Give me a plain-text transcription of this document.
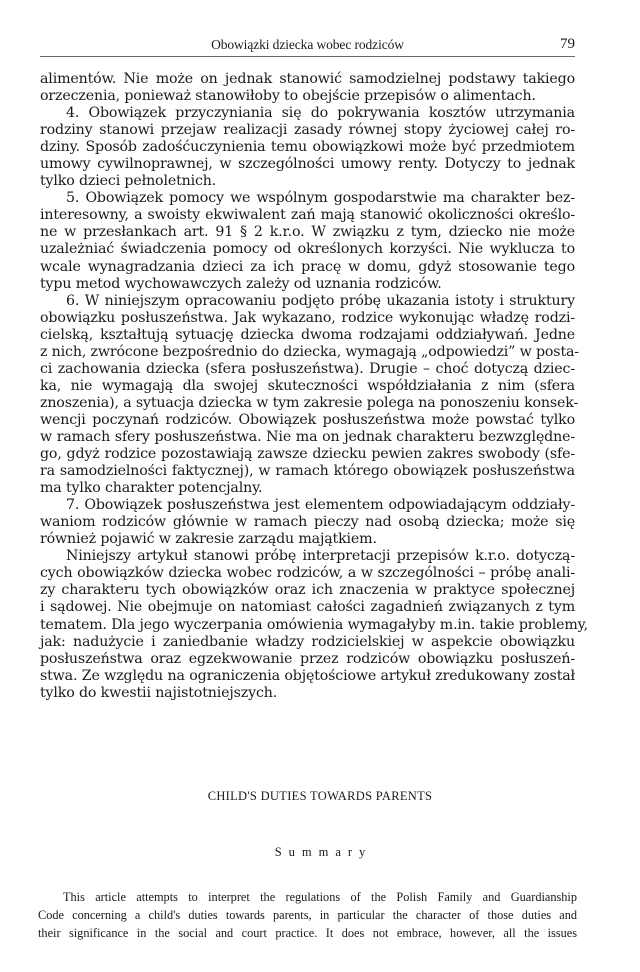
Obowiązki dziecka wobec rodziców	79

alimentów. Nie może on jednak stanowić samodzielnej podstawy takiego
orzeczenia, ponieważ stanowiłoby to obejście przepisów o alimentach.

4. Obowiązek przyczyniania się do pokrywania kosztów utrzymania
rodziny stanowi przejaw realizacji zasady równej stopy życiowej całej ro-
dziny. Sposób zadośćuczynienia temu obowiązkowi może być przedmiotem
umowy cywilnoprawnej, w szczególności umowy renty. Dotyczy to jednak
tylko dzieci pełnoletnich.

5. Obowiązek pomocy we wspólnym gospodarstwie ma charakter bez-
interesowny, a swoisty ekwiwalent zań mają stanowić okoliczności określo-
ne w przesłankach art. 91 § 2 k.r.o. W związku z tym, dziecko nie może
uzależniać świadczenia pomocy od określonych korzyści. Nie wyklucza to
wcale wynagradzania dzieci za ich pracę w domu, gdyż stosowanie tego
typu metod wychowawczych zależy od uznania rodziców.

6. W niniejszym opracowaniu podjęto próbę ukazania istoty i struktury
obowiązku posłuszeństwa. Jak wykazano, rodzice wykonując władzę rodzi-
cielską, kształtują sytuację dziecka dwoma rodzajami oddziaływań. Jedne
z nich, zwrócone bezpośrednio do dziecka, wymagają „odpowiedzi” w posta-
ci zachowania dziecka (sfera posłuszeństwa). Drugie – choć dotyczą dziec-
ka, nie wymagają dla swojej skuteczności współdziałania z nim (sfera
znoszenia), a sytuacja dziecka w tym zakresie polega na ponoszeniu konsek-
wencji poczynań rodziców. Obowiązek posłuszeństwa może powstać tylko
w ramach sfery posłuszeństwa. Nie ma on jednak charakteru bezwzględne-
go, gdyż rodzice pozostawiają zawsze dziecku pewien zakres swobody (sfe-
ra samodzielności faktycznej), w ramach którego obowiązek posłuszeństwa
ma tylko charakter potencjalny.

7. Obowiązek posłuszeństwa jest elementem odpowiadającym oddziały-
waniom rodziców głównie w ramach pieczy nad osobą dziecka; może się
również pojawić w zakresie zarządu majątkiem.

Niniejszy artykuł stanowi próbę interpretacji przepisów k.r.o. dotyczą-
cych obowiązków dziecka wobec rodziców, a w szczególności – próbę anali-
zy charakteru tych obowiązków oraz ich znaczenia w praktyce społecznej
i sądowej. Nie obejmuje on natomiast całości zagadnień związanych z tym
tematem. Dla jego wyczerpania omówienia wymagałyby m.in. takie problemy,
jak: nadużycie i zaniedbanie władzy rodzicielskiej w aspekcie obowiązku
posłuszeństwa oraz egzekwowanie przez rodziców obowiązku posłuszeń-
stwa. Ze względu na ograniczenia objętościowe artykuł zredukowany został
tylko do kwestii najistotniejszych.

CHILD'S DUTIES TOWARDS PARENTS
Summary
This article attempts to interpret the regulations of the Polish Family and Guardianship
Code concerning a child's duties towards parents, in particular the character of those duties and
their significance in the social and court practice. It does not embrace, however, all the issues
